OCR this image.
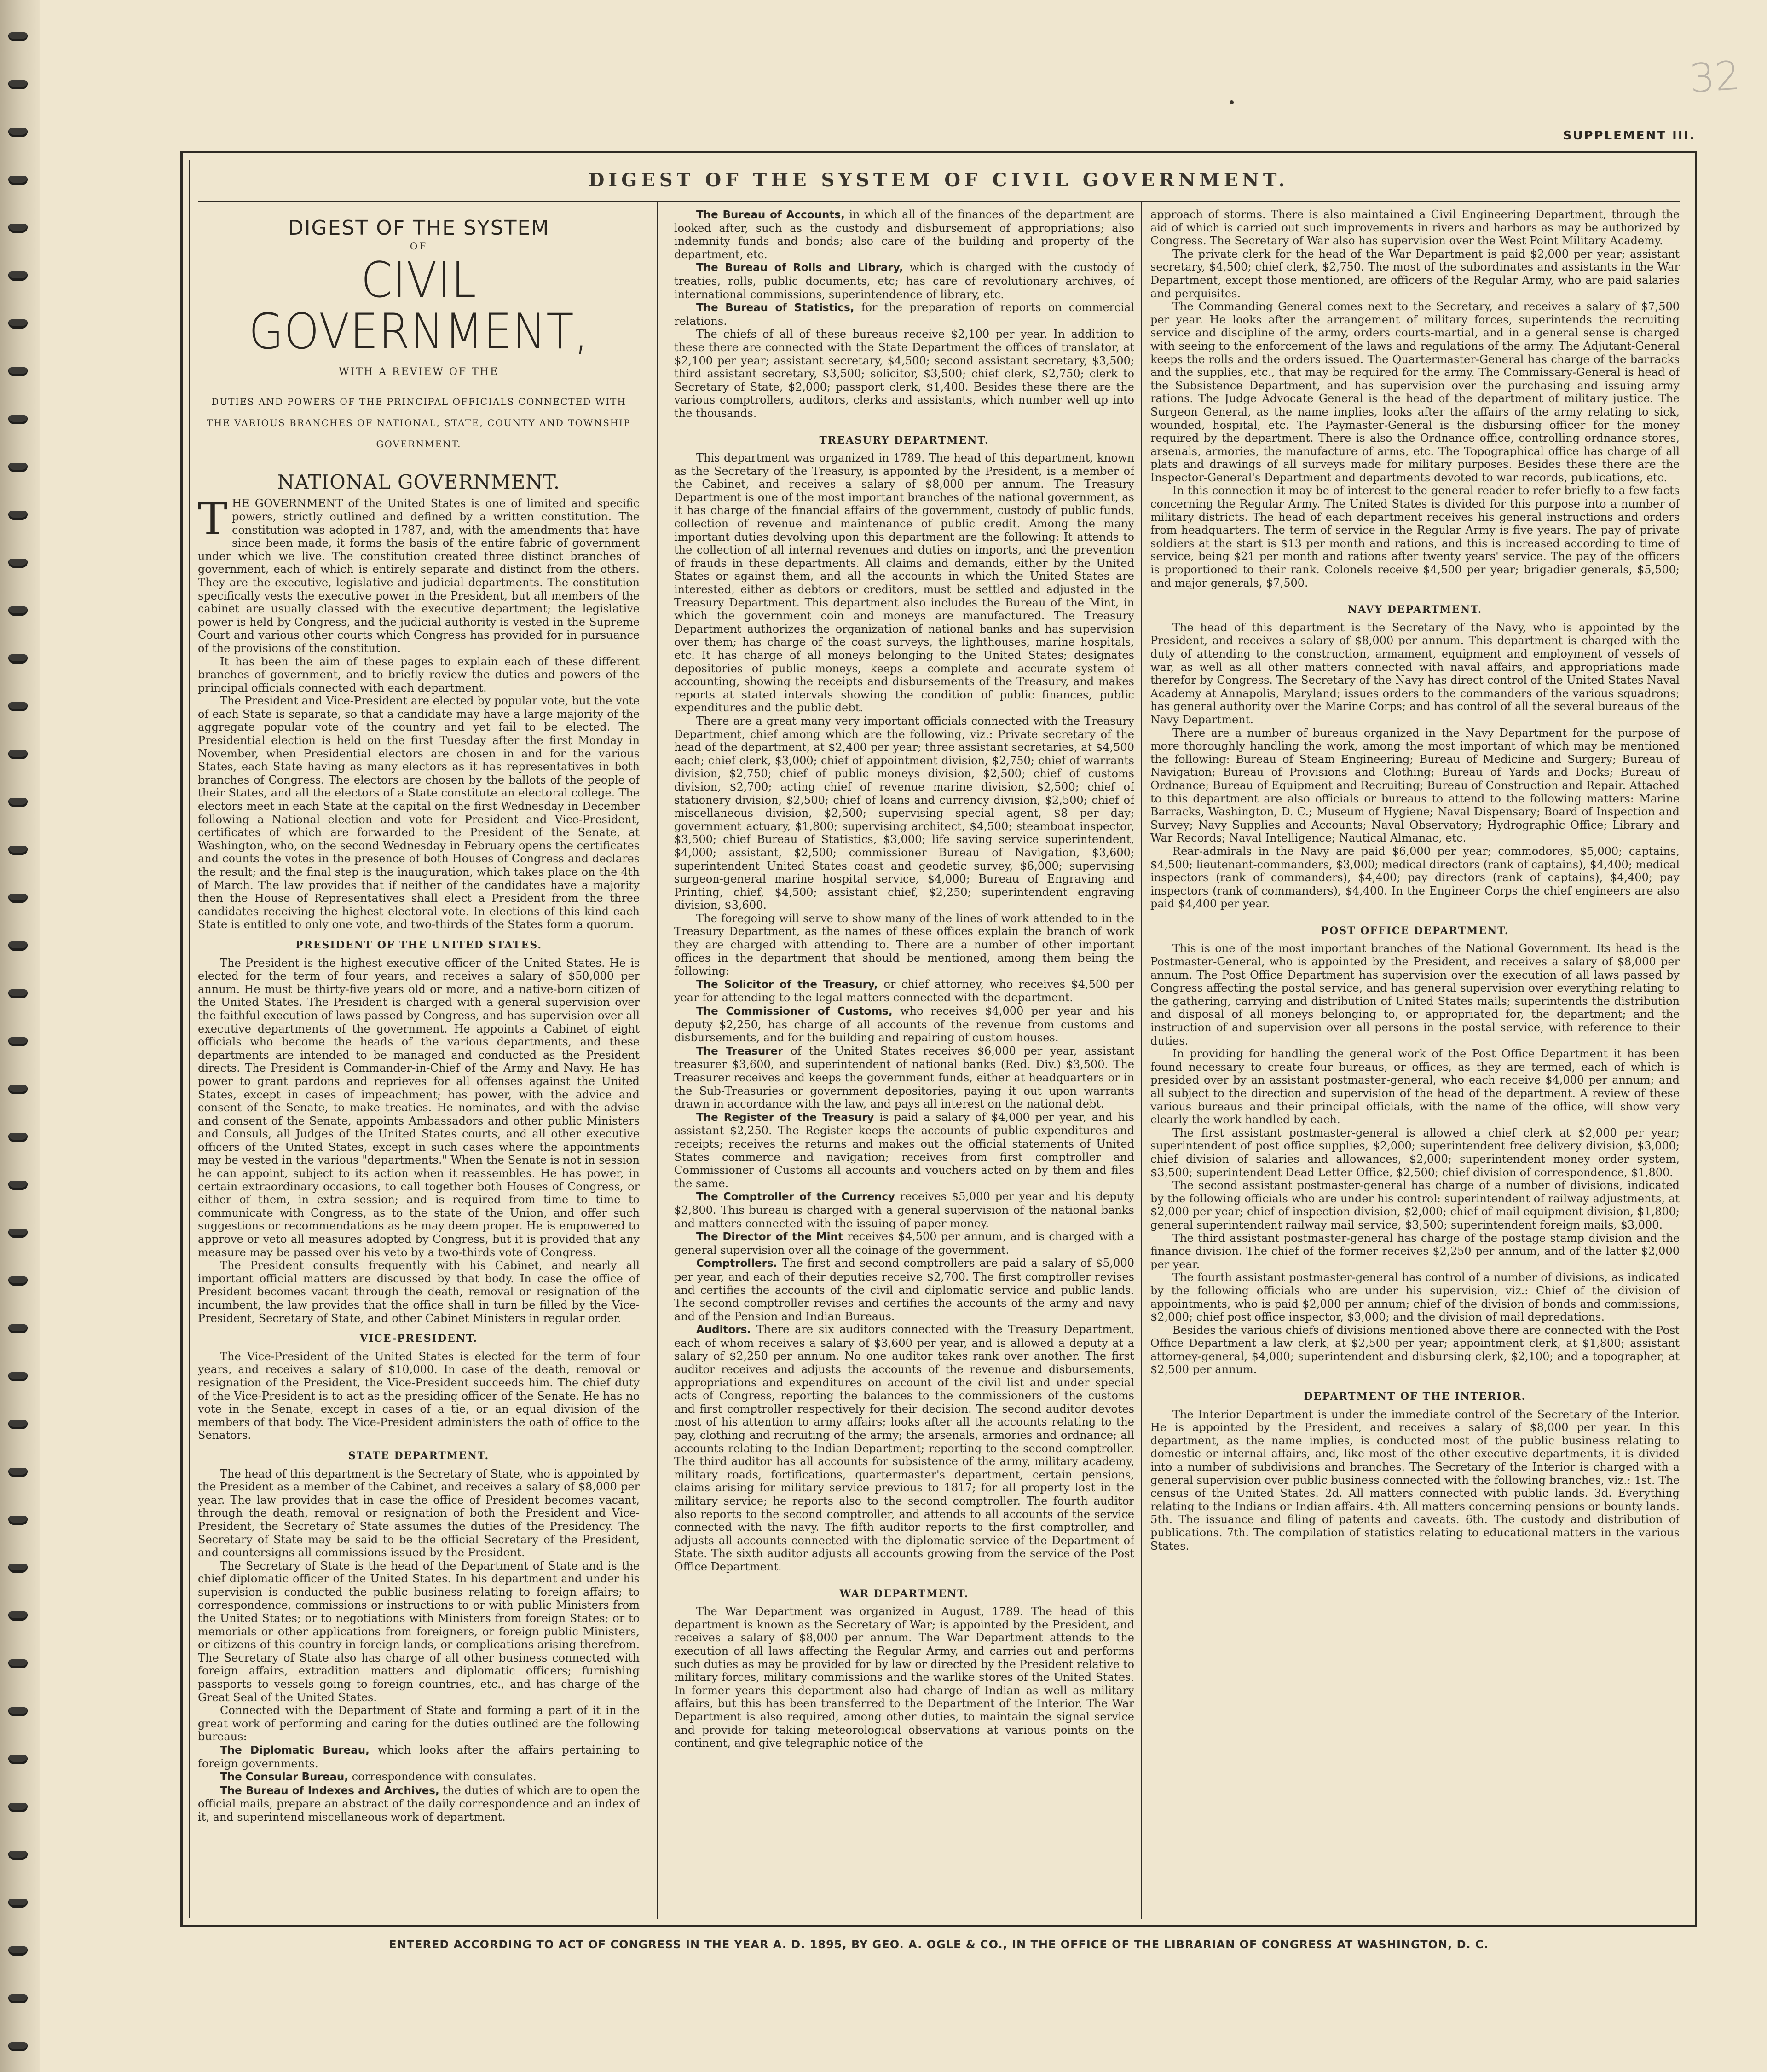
32
SUPPLEMENT III.
DIGEST OF THE SYSTEM OF CIVIL GOVERNMENT.
DIGEST OF THE SYSTEM
OF
CIVIL GOVERNMENT,
WITH A REVIEW OF THE
DUTIES AND POWERS OF THE PRINCIPAL OFFICIALS CONNECTED WITH THE VARIOUS BRANCHES OF NATIONAL, STATE, COUNTY AND TOWNSHIP GOVERNMENT.
NATIONAL GOVERNMENT.

THE GOVERNMENT of the United States is one of limited and specific powers, strictly outlined and defined by a written constitution. The constitution was adopted in 1787, and, with the amendments that have since been made, it forms the basis of the entire fabric of government under which we live. The constitution created three distinct branches of government, each of which is entirely separate and distinct from the others. They are the executive, legislative and judicial departments. The constitution specifically vests the executive power in the President, but all members of the cabinet are usually classed with the executive department; the legislative power is held by Congress, and the judicial authority is vested in the Supreme Court and various other courts which Congress has provided for in pursuance of the provisions of the constitution.

It has been the aim of these pages to explain each of these different branches of government, and to briefly review the duties and powers of the principal officials connected with each department.

The President and Vice-President are elected by popular vote, but the vote of each State is separate, so that a candidate may have a large majority of the aggregate popular vote of the country and yet fail to be elected. The Presidential election is held on the first Tuesday after the first Monday in November, when Presidential electors are chosen in and for the various States, each State having as many electors as it has representatives in both branches of Congress. The electors are chosen by the ballots of the people of their States, and all the electors of a State constitute an electoral college. The electors meet in each State at the capital on the first Wednesday in December following a National election and vote for President and Vice-President, certificates of which are forwarded to the President of the Senate, at Washington, who, on the second Wednesday in February opens the certificates and counts the votes in the presence of both Houses of Congress and declares the result; and the final step is the inauguration, which takes place on the 4th of March. The law provides that if neither of the candidates have a majority then the House of Representatives shall elect a President from the three candidates receiving the highest electoral vote. In elections of this kind each State is entitled to only one vote, and two-thirds of the States form a quorum.

PRESIDENT OF THE UNITED STATES.

The President is the highest executive officer of the United States. He is elected for the term of four years, and receives a salary of $50,000 per annum. He must be thirty-five years old or more, and a native-born citizen of the United States. The President is charged with a general supervision over the faithful execution of laws passed by Congress, and has supervision over all executive departments of the government. He appoints a Cabinet of eight officials who become the heads of the various departments, and these departments are intended to be managed and conducted as the President directs. The President is Commander-in-Chief of the Army and Navy. He has power to grant pardons and reprieves for all offenses against the United States, except in cases of impeachment; has power, with the advice and consent of the Senate, to make treaties. He nominates, and with the advise and consent of the Senate, appoints Ambassadors and other public Ministers and Consuls, all Judges of the United States courts, and all other executive officers of the United States, except in such cases where the appointments may be vested in the various "departments." When the Senate is not in session he can appoint, subject to its action when it reassembles. He has power, in certain extraordinary occasions, to call together both Houses of Congress, or either of them, in extra session; and is required from time to time to communicate with Congress, as to the state of the Union, and offer such suggestions or recommendations as he may deem proper. He is empowered to approve or veto all measures adopted by Congress, but it is provided that any measure may be passed over his veto by a two-thirds vote of Congress.

The President consults frequently with his Cabinet, and nearly all important official matters are discussed by that body. In case the office of President becomes vacant through the death, removal or resignation of the incumbent, the law provides that the office shall in turn be filled by the Vice-President, Secretary of State, and other Cabinet Ministers in regular order.

VICE-PRESIDENT.

The Vice-President of the United States is elected for the term of four years, and receives a salary of $10,000. In case of the death, removal or resignation of the President, the Vice-President succeeds him. The chief duty of the Vice-President is to act as the presiding officer of the Senate. He has no vote in the Senate, except in cases of a tie, or an equal division of the members of that body. The Vice-President administers the oath of office to the Senators.

STATE DEPARTMENT.

The head of this department is the Secretary of State, who is appointed by the President as a member of the Cabinet, and receives a salary of $8,000 per year. The law provides that in case the office of President becomes vacant, through the death, removal or resignation of both the President and Vice-President, the Secretary of State assumes the duties of the Presidency. The Secretary of State may be said to be the official Secretary of the President, and countersigns all commissions issued by the President.

The Secretary of State is the head of the Department of State and is the chief diplomatic officer of the United States. In his department and under his supervision is conducted the public business relating to foreign affairs; to correspondence, commissions or instructions to or with public Ministers from the United States; or to negotiations with Ministers from foreign States; or to memorials or other applications from foreigners, or foreign public Ministers, or citizens of this country in foreign lands, or complications arising therefrom. The Secretary of State also has charge of all other business connected with foreign affairs, extradition matters and diplomatic officers; furnishing passports to vessels going to foreign countries, etc., and has charge of the Great Seal of the United States.

Connected with the Department of State and forming a part of it in the great work of performing and caring for the duties outlined are the following bureaus:

The Diplomatic Bureau, which looks after the affairs pertaining to foreign governments.

The Consular Bureau, correspondence with consulates.

The Bureau of Indexes and Archives, the duties of which are to open the official mails, prepare an abstract of the daily correspondence and an index of it, and superintend miscellaneous work of department.

The Bureau of Accounts, in which all of the finances of the department are looked after, such as the custody and disbursement of appropriations; also indemnity funds and bonds; also care of the building and property of the department, etc.

The Bureau of Rolls and Library, which is charged with the custody of treaties, rolls, public documents, etc; has care of revolutionary archives, of international commissions, superintendence of library, etc.

The Bureau of Statistics, for the preparation of reports on commercial relations.

The chiefs of all of these bureaus receive $2,100 per year. In addition to these there are connected with the State Department the offices of translator, at $2,100 per year; assistant secretary, $4,500; second assistant secretary, $3,500; third assistant secretary, $3,500; solicitor, $3,500; chief clerk, $2,750; clerk to Secretary of State, $2,000; passport clerk, $1,400. Besides these there are the various comptrollers, auditors, clerks and assistants, which number well up into the thousands.

TREASURY DEPARTMENT.

This department was organized in 1789. The head of this department, known as the Secretary of the Treasury, is appointed by the President, is a member of the Cabinet, and receives a salary of $8,000 per annum. The Treasury Department is one of the most important branches of the national government, as it has charge of the financial affairs of the government, custody of public funds, collection of revenue and maintenance of public credit. Among the many important duties devolving upon this department are the following: It attends to the collection of all internal revenues and duties on imports, and the prevention of frauds in these departments. All claims and demands, either by the United States or against them, and all the accounts in which the United States are interested, either as debtors or creditors, must be settled and adjusted in the Treasury Department. This department also includes the Bureau of the Mint, in which the government coin and moneys are manufactured. The Treasury Department authorizes the organization of national banks and has supervision over them; has charge of the coast surveys, the lighthouses, marine hospitals, etc. It has charge of all moneys belonging to the United States; designates depositories of public moneys, keeps a complete and accurate system of accounting, showing the receipts and disbursements of the Treasury, and makes reports at stated intervals showing the condition of public finances, public expenditures and the public debt.

There are a great many very important officials connected with the Treasury Department, chief among which are the following, viz.: Private secretary of the head of the department, at $2,400 per year; three assistant secretaries, at $4,500 each; chief clerk, $3,000; chief of appointment division, $2,750; chief of warrants division, $2,750; chief of public moneys division, $2,500; chief of customs division, $2,700; acting chief of revenue marine division, $2,500; chief of stationery division, $2,500; chief of loans and currency division, $2,500; chief of miscellaneous division, $2,500; supervising special agent, $8 per day; government actuary, $1,800; supervising architect, $4,500; steamboat inspector, $3,500; chief Bureau of Statistics, $3,000; life saving service superintendent, $4,000; assistant, $2,500; commissioner Bureau of Navigation, $3,600; superintendent United States coast and geodetic survey, $6,000; supervising surgeon-general marine hospital service, $4,000; Bureau of Engraving and Printing, chief, $4,500; assistant chief, $2,250; superintendent engraving division, $3,600.

The foregoing will serve to show many of the lines of work attended to in the Treasury Department, as the names of these offices explain the branch of work they are charged with attending to. There are a number of other important offices in the department that should be mentioned, among them being the following:

The Solicitor of the Treasury, or chief attorney, who receives $4,500 per year for attending to the legal matters connected with the department.

The Commissioner of Customs, who receives $4,000 per year and his deputy $2,250, has charge of all accounts of the revenue from customs and disbursements, and for the building and repairing of custom houses.

The Treasurer of the United States receives $6,000 per year, assistant treasurer $3,600, and superintendent of national banks (Red. Div.) $3,500. The Treasurer receives and keeps the government funds, either at headquarters or in the Sub-Treasuries or government depositories, paying it out upon warrants drawn in accordance with the law, and pays all interest on the national debt.

The Register of the Treasury is paid a salary of $4,000 per year, and his assistant $2,250. The Register keeps the accounts of public expenditures and receipts; receives the returns and makes out the official statements of United States commerce and navigation; receives from first comptroller and Commissioner of Customs all accounts and vouchers acted on by them and files the same.

The Comptroller of the Currency receives $5,000 per year and his deputy $2,800. This bureau is charged with a general supervision of the national banks and matters connected with the issuing of paper money.

The Director of the Mint receives $4,500 per annum, and is charged with a general supervision over all the coinage of the government.

Comptrollers. The first and second comptrollers are paid a salary of $5,000 per year, and each of their deputies receive $2,700. The first comptroller revises and certifies the accounts of the civil and diplomatic service and public lands. The second comptroller revises and certifies the accounts of the army and navy and of the Pension and Indian Bureaus.

Auditors. There are six auditors connected with the Treasury Department, each of whom receives a salary of $3,600 per year, and is allowed a deputy at a salary of $2,250 per annum. No one auditor takes rank over another. The first auditor receives and adjusts the accounts of the revenue and disbursements, appropriations and expenditures on account of the civil list and under special acts of Congress, reporting the balances to the commissioners of the customs and first comptroller respectively for their decision. The second auditor devotes most of his attention to army affairs; looks after all the accounts relating to the pay, clothing and recruiting of the army; the arsenals, armories and ordnance; all accounts relating to the Indian Department; reporting to the second comptroller. The third auditor has all accounts for subsistence of the army, military academy, military roads, fortifications, quartermaster's department, certain pensions, claims arising for military service previous to 1817; for all property lost in the military service; he reports also to the second comptroller. The fourth auditor also reports to the second comptroller, and attends to all accounts of the service connected with the navy. The fifth auditor reports to the first comptroller, and adjusts all accounts connected with the diplomatic service of the Department of State. The sixth auditor adjusts all accounts growing from the service of the Post Office Department.

WAR DEPARTMENT.

The War Department was organized in August, 1789. The head of this department is known as the Secretary of War; is appointed by the President, and receives a salary of $8,000 per annum. The War Department attends to the execution of all laws affecting the Regular Army, and carries out and performs such duties as may be provided for by law or directed by the President relative to military forces, military commissions and the warlike stores of the United States. In former years this department also had charge of Indian as well as military affairs, but this has been transferred to the Department of the Interior. The War Department is also required, among other duties, to maintain the signal service and provide for taking meteorological observations at various points on the continent, and give telegraphic notice of the

approach of storms. There is also maintained a Civil Engineering Department, through the aid of which is carried out such improvements in rivers and harbors as may be authorized by Congress. The Secretary of War also has supervision over the West Point Military Academy.

The private clerk for the head of the War Department is paid $2,000 per year; assistant secretary, $4,500; chief clerk, $2,750. The most of the subordinates and assistants in the War Department, except those mentioned, are officers of the Regular Army, who are paid salaries and perquisites.

The Commanding General comes next to the Secretary, and receives a salary of $7,500 per year. He looks after the arrangement of military forces, superintends the recruiting service and discipline of the army, orders courts-martial, and in a general sense is charged with seeing to the enforcement of the laws and regulations of the army. The Adjutant-General keeps the rolls and the orders issued. The Quartermaster-General has charge of the barracks and the supplies, etc., that may be required for the army. The Commissary-General is head of the Subsistence Department, and has supervision over the purchasing and issuing army rations. The Judge Advocate General is the head of the department of military justice. The Surgeon General, as the name implies, looks after the affairs of the army relating to sick, wounded, hospital, etc. The Paymaster-General is the disbursing officer for the money required by the department. There is also the Ordnance office, controlling ordnance stores, arsenals, armories, the manufacture of arms, etc. The Topographical office has charge of all plats and drawings of all surveys made for military purposes. Besides these there are the Inspector-General's Department and departments devoted to war records, publications, etc.

In this connection it may be of interest to the general reader to refer briefly to a few facts concerning the Regular Army. The United States is divided for this purpose into a number of military districts. The head of each department receives his general instructions and orders from headquarters. The term of service in the Regular Army is five years. The pay of private soldiers at the start is $13 per month and rations, and this is increased according to time of service, being $21 per month and rations after twenty years' service. The pay of the officers is proportioned to their rank. Colonels receive $4,500 per year; brigadier generals, $5,500; and major generals, $7,500.

NAVY DEPARTMENT.

The head of this department is the Secretary of the Navy, who is appointed by the President, and receives a salary of $8,000 per annum. This department is charged with the duty of attending to the construction, armament, equipment and employment of vessels of war, as well as all other matters connected with naval affairs, and appropriations made therefor by Congress. The Secretary of the Navy has direct control of the United States Naval Academy at Annapolis, Maryland; issues orders to the commanders of the various squadrons; has general authority over the Marine Corps; and has control of all the several bureaus of the Navy Department.

There are a number of bureaus organized in the Navy Department for the purpose of more thoroughly handling the work, among the most important of which may be mentioned the following: Bureau of Steam Engineering; Bureau of Medicine and Surgery; Bureau of Navigation; Bureau of Provisions and Clothing; Bureau of Yards and Docks; Bureau of Ordnance; Bureau of Equipment and Recruiting; Bureau of Construction and Repair. Attached to this department are also officials or bureaus to attend to the following matters: Marine Barracks, Washington, D. C.; Museum of Hygiene; Naval Dispensary; Board of Inspection and Survey; Navy Supplies and Accounts; Naval Observatory; Hydrographic Office; Library and War Records; Naval Intelligence; Nautical Almanac, etc.

Rear-admirals in the Navy are paid $6,000 per year; commodores, $5,000; captains, $4,500; lieutenant-commanders, $3,000; medical directors (rank of captains), $4,400; medical inspectors (rank of commanders), $4,400; pay directors (rank of captains), $4,400; pay inspectors (rank of commanders), $4,400. In the Engineer Corps the chief engineers are also paid $4,400 per year.

POST OFFICE DEPARTMENT.

This is one of the most important branches of the National Government. Its head is the Postmaster-General, who is appointed by the President, and receives a salary of $8,000 per annum. The Post Office Department has supervision over the execution of all laws passed by Congress affecting the postal service, and has general supervision over everything relating to the gathering, carrying and distribution of United States mails; superintends the distribution and disposal of all moneys belonging to, or appropriated for, the department; and the instruction of and supervision over all persons in the postal service, with reference to their duties.

In providing for handling the general work of the Post Office Department it has been found necessary to create four bureaus, or offices, as they are termed, each of which is presided over by an assistant postmaster-general, who each receive $4,000 per annum; and all subject to the direction and supervision of the head of the department. A review of these various bureaus and their principal officials, with the name of the office, will show very clearly the work handled by each.

The first assistant postmaster-general is allowed a chief clerk at $2,000 per year; superintendent of post office supplies, $2,000; superintendent free delivery division, $3,000; chief division of salaries and allowances, $2,000; superintendent money order system, $3,500; superintendent Dead Letter Office, $2,500; chief division of correspondence, $1,800.

The second assistant postmaster-general has charge of a number of divisions, indicated by the following officials who are under his control: superintendent of railway adjustments, at $2,000 per year; chief of inspection division, $2,000; chief of mail equipment division, $1,800; general superintendent railway mail service, $3,500; superintendent foreign mails, $3,000.

The third assistant postmaster-general has charge of the postage stamp division and the finance division. The chief of the former receives $2,250 per annum, and of the latter $2,000 per year.

The fourth assistant postmaster-general has control of a number of divisions, as indicated by the following officials who are under his supervision, viz.: Chief of the division of appointments, who is paid $2,000 per annum; chief of the division of bonds and commissions, $2,000; chief post office inspector, $3,000; and the division of mail depredations.

Besides the various chiefs of divisions mentioned above there are connected with the Post Office Department a law clerk, at $2,500 per year; appointment clerk, at $1,800; assistant attorney-general, $4,000; superintendent and disbursing clerk, $2,100; and a topographer, at $2,500 per annum.

DEPARTMENT OF THE INTERIOR.

The Interior Department is under the immediate control of the Secretary of the Interior. He is appointed by the President, and receives a salary of $8,000 per year. In this department, as the name implies, is conducted most of the public business relating to domestic or internal affairs, and, like most of the other executive departments, it is divided into a number of subdivisions and branches. The Secretary of the Interior is charged with a general supervision over public business connected with the following branches, viz.: 1st. The census of the United States. 2d. All matters connected with public lands. 3d. Everything relating to the Indians or Indian affairs. 4th. All matters concerning pensions or bounty lands. 5th. The issuance and filing of patents and caveats. 6th. The custody and distribution of publications. 7th. The compilation of statistics relating to educational matters in the various States.

ENTERED ACCORDING TO ACT OF CONGRESS IN THE YEAR A. D. 1895, BY GEO. A. OGLE & CO., IN THE OFFICE OF THE LIBRARIAN OF CONGRESS AT WASHINGTON, D. C.
